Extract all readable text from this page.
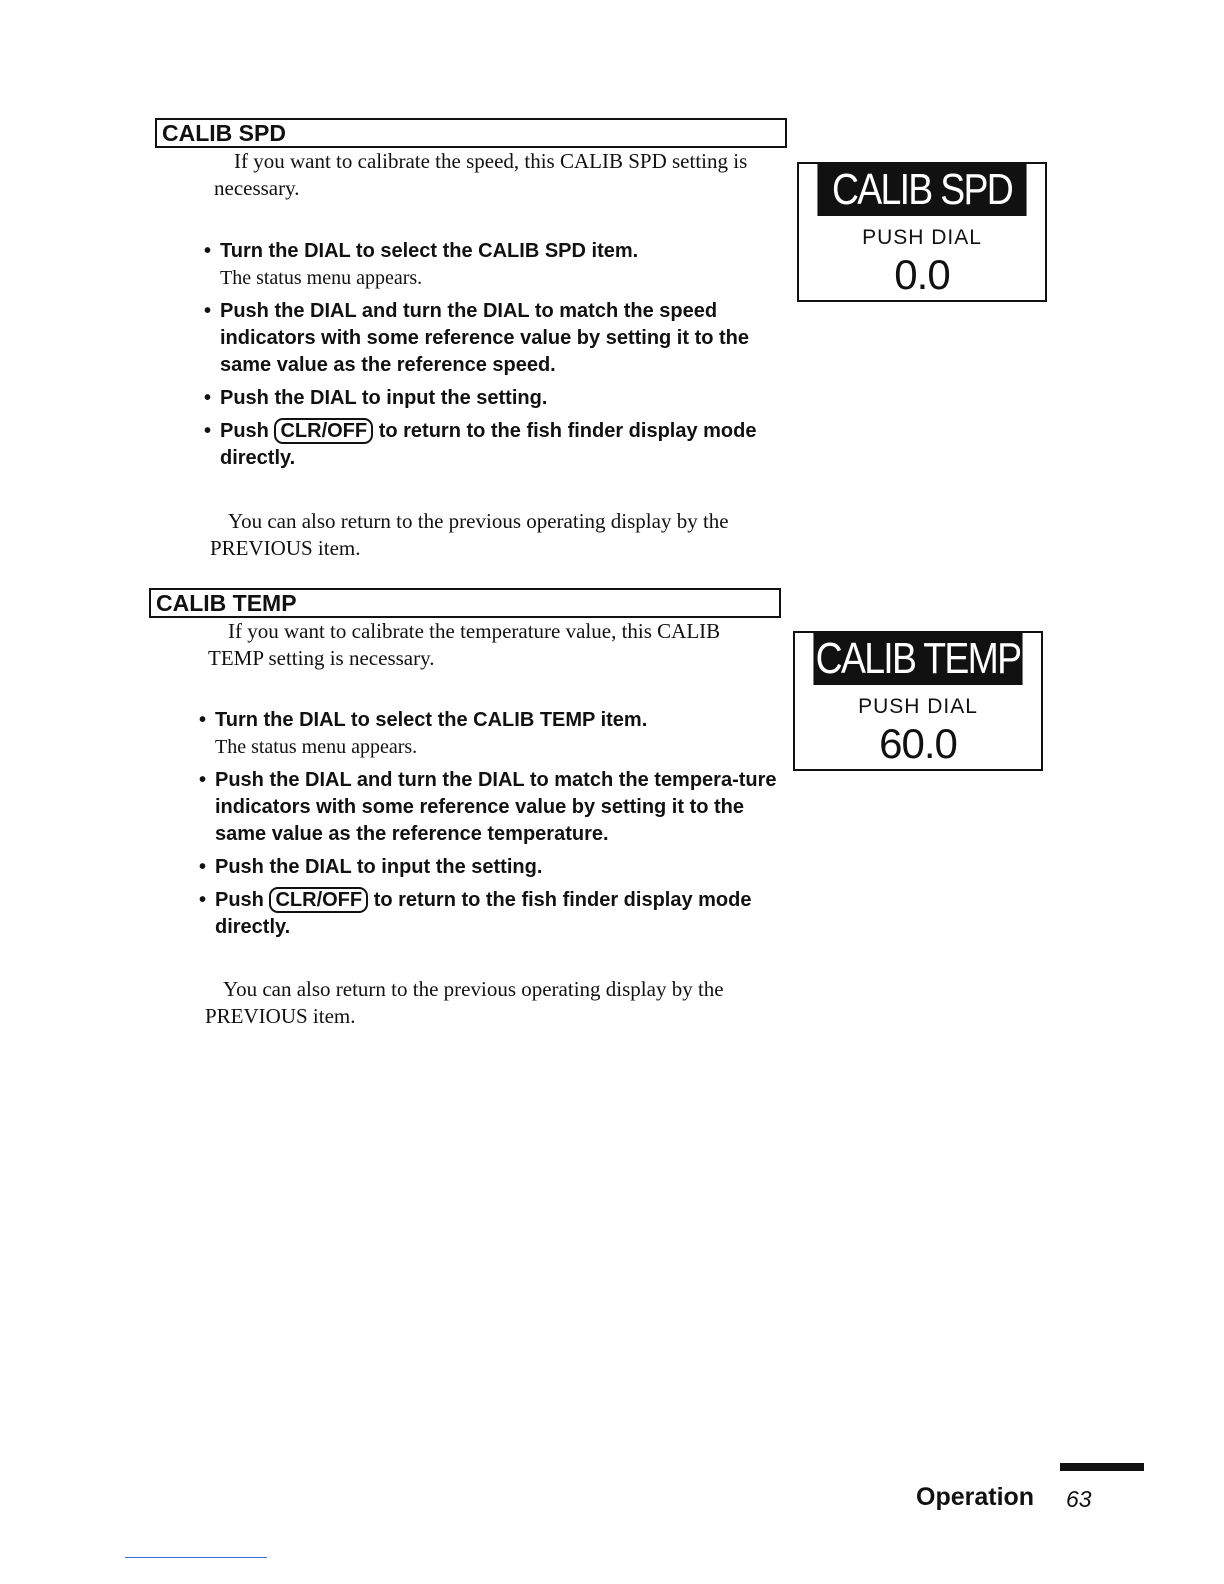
CALIB SPD

If you want to calibrate the speed, this CALIB SPD setting is necessary.

• Turn the DIAL to select the CALIB SPD item.
The status menu appears.
• Push the DIAL and turn the DIAL to match the speed indicators with some reference value by setting it to the same value as the reference speed.
• Push the DIAL to input the setting.
• Push CLR/OFF to return to the fish finder display mode directly.

You can also return to the previous operating display by the PREVIOUS item.

CALIB SPD
PUSH DIAL
0.0
CALIB TEMP

If you want to calibrate the temperature value, this CALIB TEMP setting is necessary.

• Turn the DIAL to select the CALIB TEMP item.
The status menu appears.
• Push the DIAL and turn the DIAL to match the tempera-ture indicators with some reference value by setting it to the same value as the reference temperature.
• Push the DIAL to input the setting.
• Push CLR/OFF to return to the fish finder display mode directly.

You can also return to the previous operating display by the PREVIOUS item.

CALIB TEMP
PUSH DIAL
60.0
Operation 63
